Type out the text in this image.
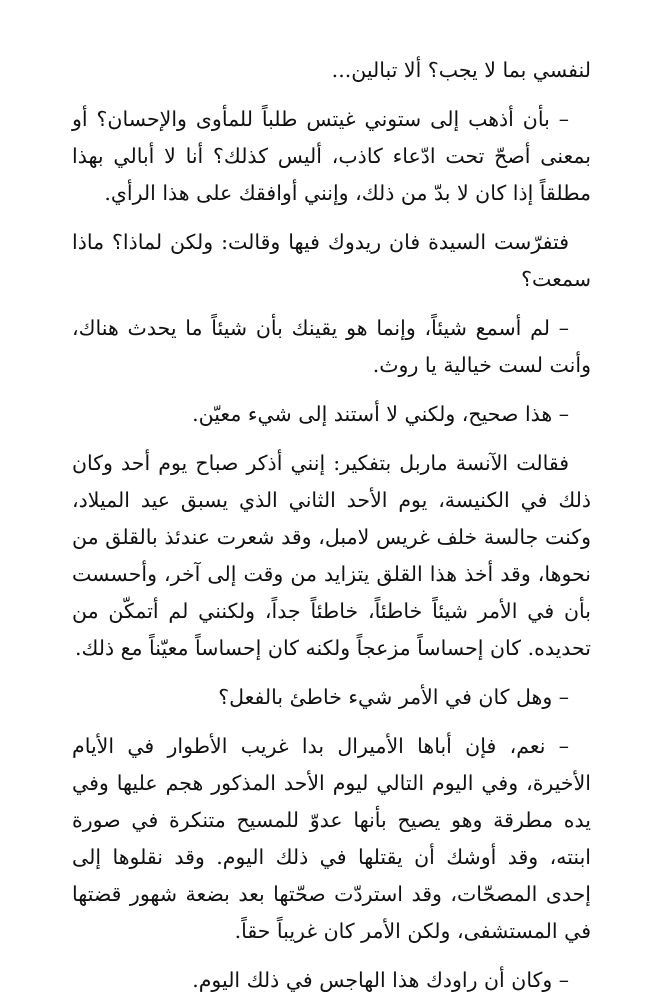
لنفسي بما لا يجب؟ ألا تبالين...

– بأن أذهب إلى ستوني غيتس طلباً للمأوى والإحسان؟ أو بمعنى أصحّ تحت ادّعاء كاذب، أليس كذلك؟ أنا لا أبالي بهذا مطلقاً إذا كان لا بدّ من ذلك، وإنني أوافقك على هذا الرأي.

فتفرّست السيدة فان ريدوك فيها وقالت: ولكن لماذا؟ ماذا سمعت؟

– لم أسمع شيئاً، وإنما هو يقينك بأن شيئاً ما يحدث هناك، وأنت لست خيالية يا روث.

– هذا صحيح، ولكني لا أستند إلى شيء معيّن.

فقالت الآنسة ماربل بتفكير: إنني أذكر صباح يوم أحد وكان ذلك في الكنيسة، يوم الأحد الثاني الذي يسبق عيد الميلاد، وكنت جالسة خلف غريس لامبل، وقد شعرت عندئذ بالقلق من نحوها، وقد أخذ هذا القلق يتزايد من وقت إلى آخر، وأحسست بأن في الأمر شيئاً خاطئاً، خاطئاً جداً، ولكنني لم أتمكّن من تحديده. كان إحساساً مزعجاً ولكنه كان إحساساً معيّناً مع ذلك.

– وهل كان في الأمر شيء خاطئ بالفعل؟

– نعم، فإن أباها الأميرال بدا غريب الأطوار في الأيام الأخيرة، وفي اليوم التالي ليوم الأحد المذكور هجم عليها وفي يده مطرقة وهو يصيح بأنها عدوّ للمسيح متنكرة في صورة ابنته، وقد أوشك أن يقتلها في ذلك اليوم. وقد نقلوها إلى إحدى المصحّات، وقد استردّت صحّتها بعد بضعة شهور قضتها في المستشفى، ولكن الأمر كان غريباً حقاً.

– وكان أن راودك هذا الهاجس في ذلك اليوم.
